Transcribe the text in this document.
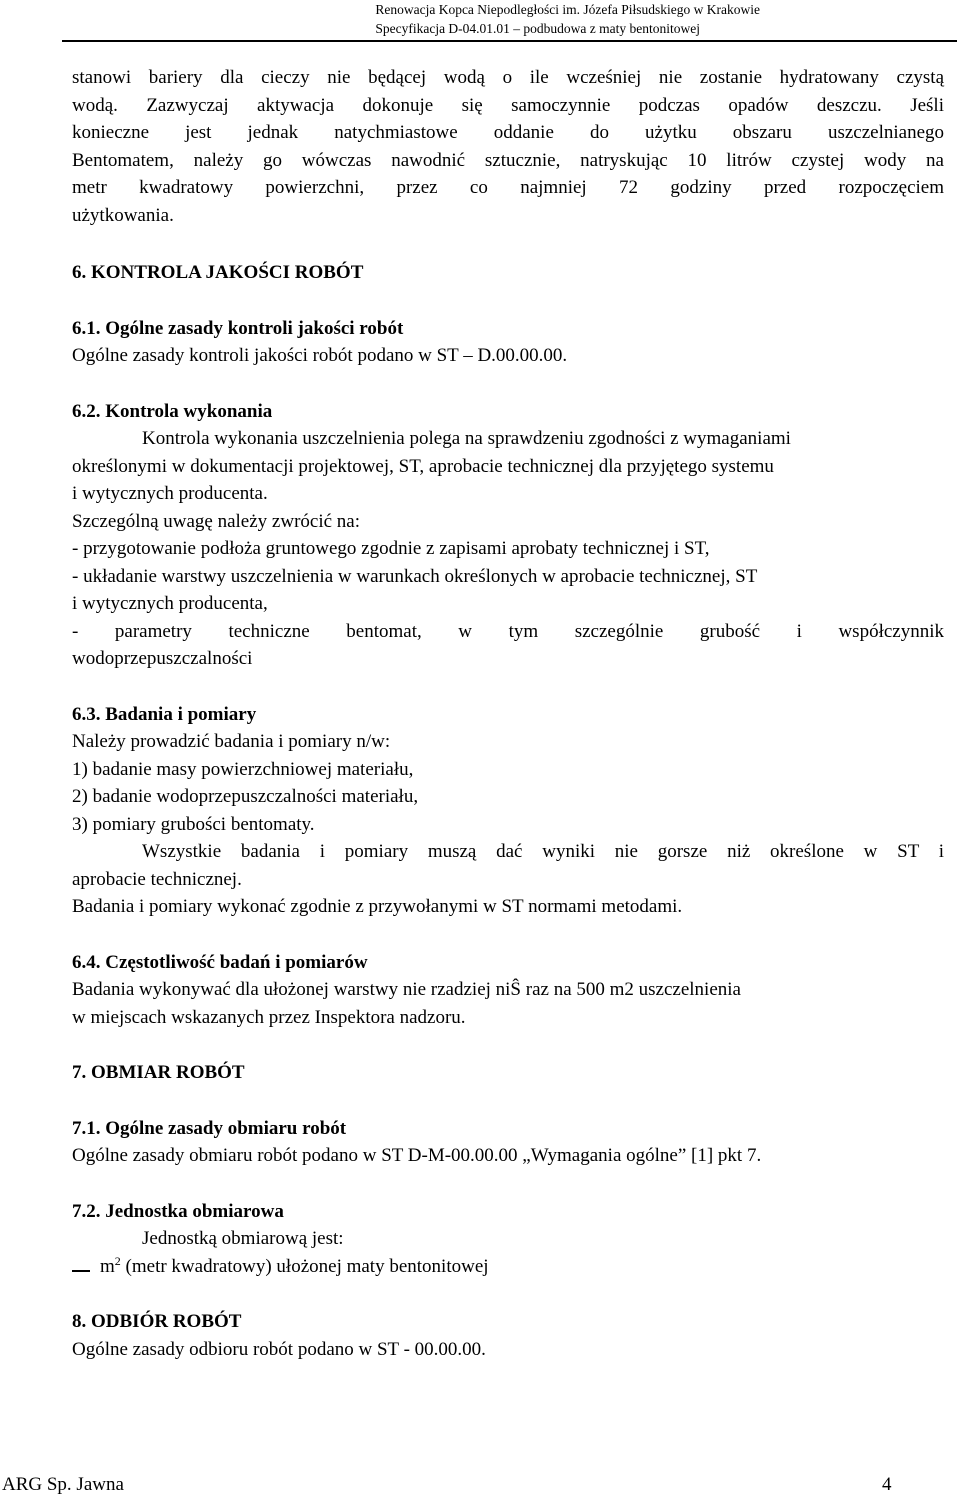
Renowacja Kopca Niepodległości im. Józefa Piłsudskiego w Krakowie
Specyfikacja D-04.01.01 – podbudowa z maty bentonitowej

stanowi bariery dla cieczy nie będącej wodą o ile wcześniej nie zostanie hydratowany czystą

wodą. Zazwyczaj aktywacja dokonuje się samoczynnie podczas opadów deszczu. Jeśli

konieczne jest jednak natychmiastowe oddanie do użytku obszaru uszczelnianego

Bentomatem, należy go wówczas nawodnić sztucznie, natryskując 10 litrów czystej wody na

metr kwadratowy powierzchni, przez co najmniej 72 godziny przed rozpoczęciem

użytkowania.

6. KONTROLA JAKOŚCI ROBÓT

6.1. Ogólne zasady kontroli jakości robót

Ogólne zasady kontroli jakości robót podano w ST – D.00.00.00.

6.2. Kontrola wykonania

Kontrola wykonania uszczelnienia polega na sprawdzeniu zgodności z wymaganiami

określonymi w dokumentacji projektowej, ST, aprobacie technicznej dla przyjętego systemu

i wytycznych producenta.

Szczególną uwagę należy zwrócić na:

- przygotowanie podłoża gruntowego zgodnie z zapisami aprobaty technicznej i ST,

- układanie warstwy uszczelnienia w warunkach określonych w aprobacie technicznej, ST

i wytycznych producenta,

- parametry techniczne bentomat, w tym szczególnie grubość i współczynnik

wodoprzepuszczalności

6.3. Badania i pomiary

Należy prowadzić badania i pomiary n/w:

1) badanie masy powierzchniowej materiału,

2) badanie wodoprzepuszczalności materiału,

3) pomiary grubości bentomaty.

Wszystkie badania i pomiary muszą dać wyniki nie gorsze niż określone w ST i

aprobacie technicznej.

Badania i pomiary wykonać zgodnie z przywołanymi w ST normami metodami.

6.4. Częstotliwość badań i pomiarów

Badania wykonywać dla ułożonej warstwy nie rzadziej niŜ raz na 500 m2 uszczelnienia

w miejscach wskazanych przez Inspektora nadzoru.

7. OBMIAR ROBÓT

7.1. Ogólne zasady obmiaru robót

Ogólne zasady obmiaru robót podano w ST D-M-00.00.00 „Wymagania ogólne” [1] pkt 7.

7.2. Jednostka obmiarowa

Jednostką obmiarową jest:

$m^2$
(metr kwadratowy) ułożonej maty bentonitowej

8. ODBIÓR ROBÓT

Ogólne zasady odbioru robót podano w ST - 00.00.00.

ARG Sp. Jawna	4
